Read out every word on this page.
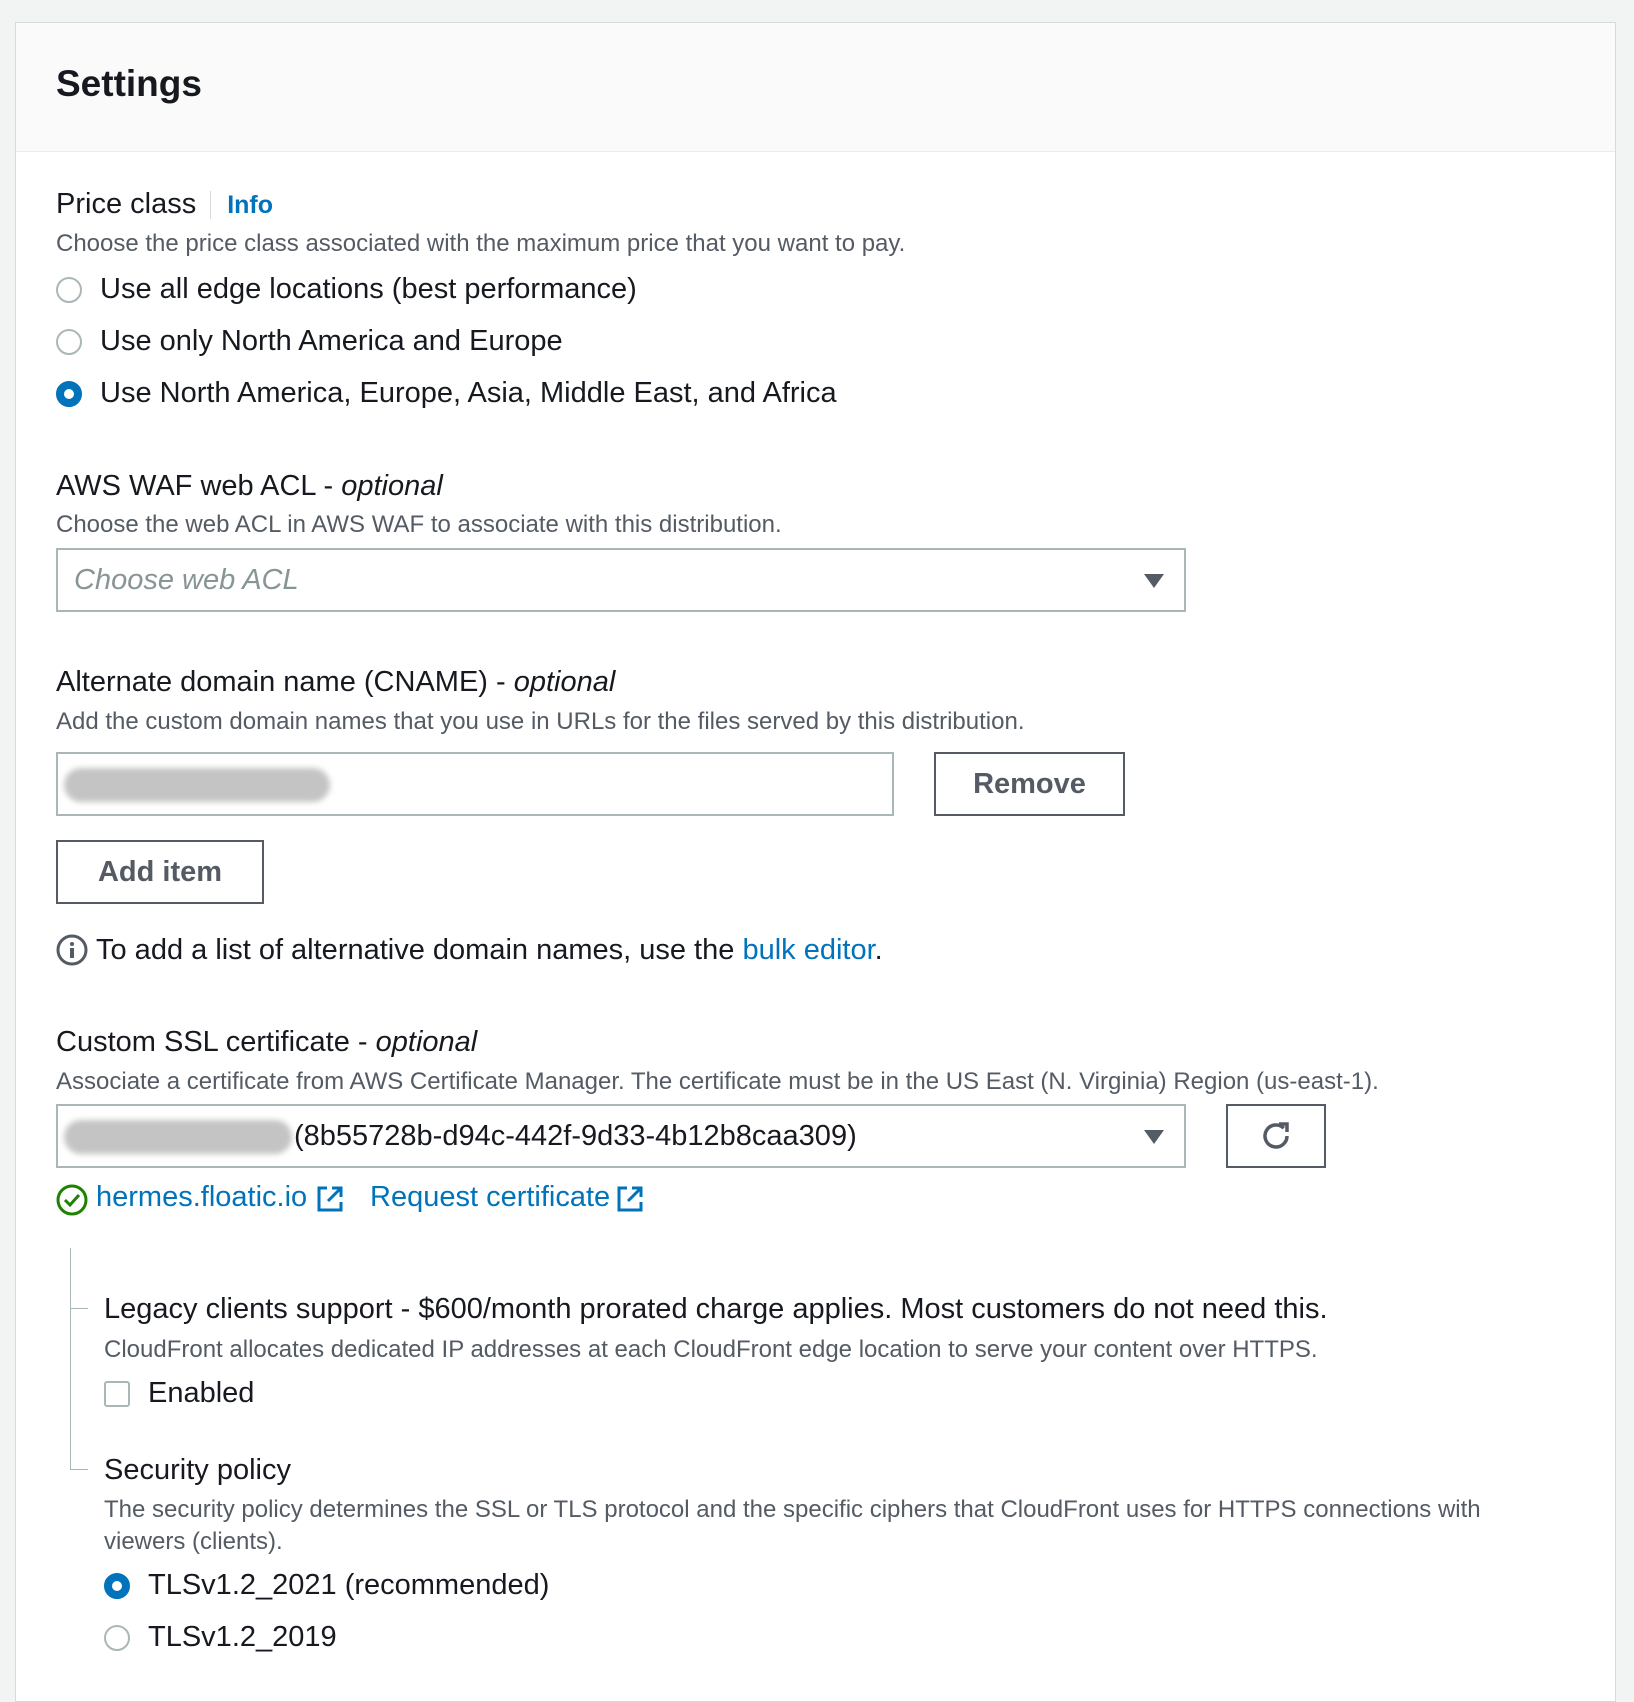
Settings
Price class Info
Choose the price class associated with the maximum price that you want to pay.
Use all edge locations (best performance)
Use only North America and Europe
Use North America, Europe, Asia, Middle East, and Africa
AWS WAF web ACL - optional
Choose the web ACL in AWS WAF to associate with this distribution.
Choose web ACL
Alternate domain name (CNAME) - optional
Add the custom domain names that you use in URLs for the files served by this distribution.
Remove
Add item
To add a list of alternative domain names, use the bulk editor.
Custom SSL certificate - optional
Associate a certificate from AWS Certificate Manager. The certificate must be in the US East (N. Virginia) Region (us-east-1).
(8b55728b-d94c-442f-9d33-4b12b8caa309)
hermes.floatic.io Request certificate
Legacy clients support - $600/month prorated charge applies. Most customers do not need this.
CloudFront allocates dedicated IP addresses at each CloudFront edge location to serve your content over HTTPS.
Enabled
Security policy
The security policy determines the SSL or TLS protocol and the specific ciphers that CloudFront uses for HTTPS connections with
viewers (clients).
TLSv1.2_2021 (recommended)
TLSv1.2_2019
